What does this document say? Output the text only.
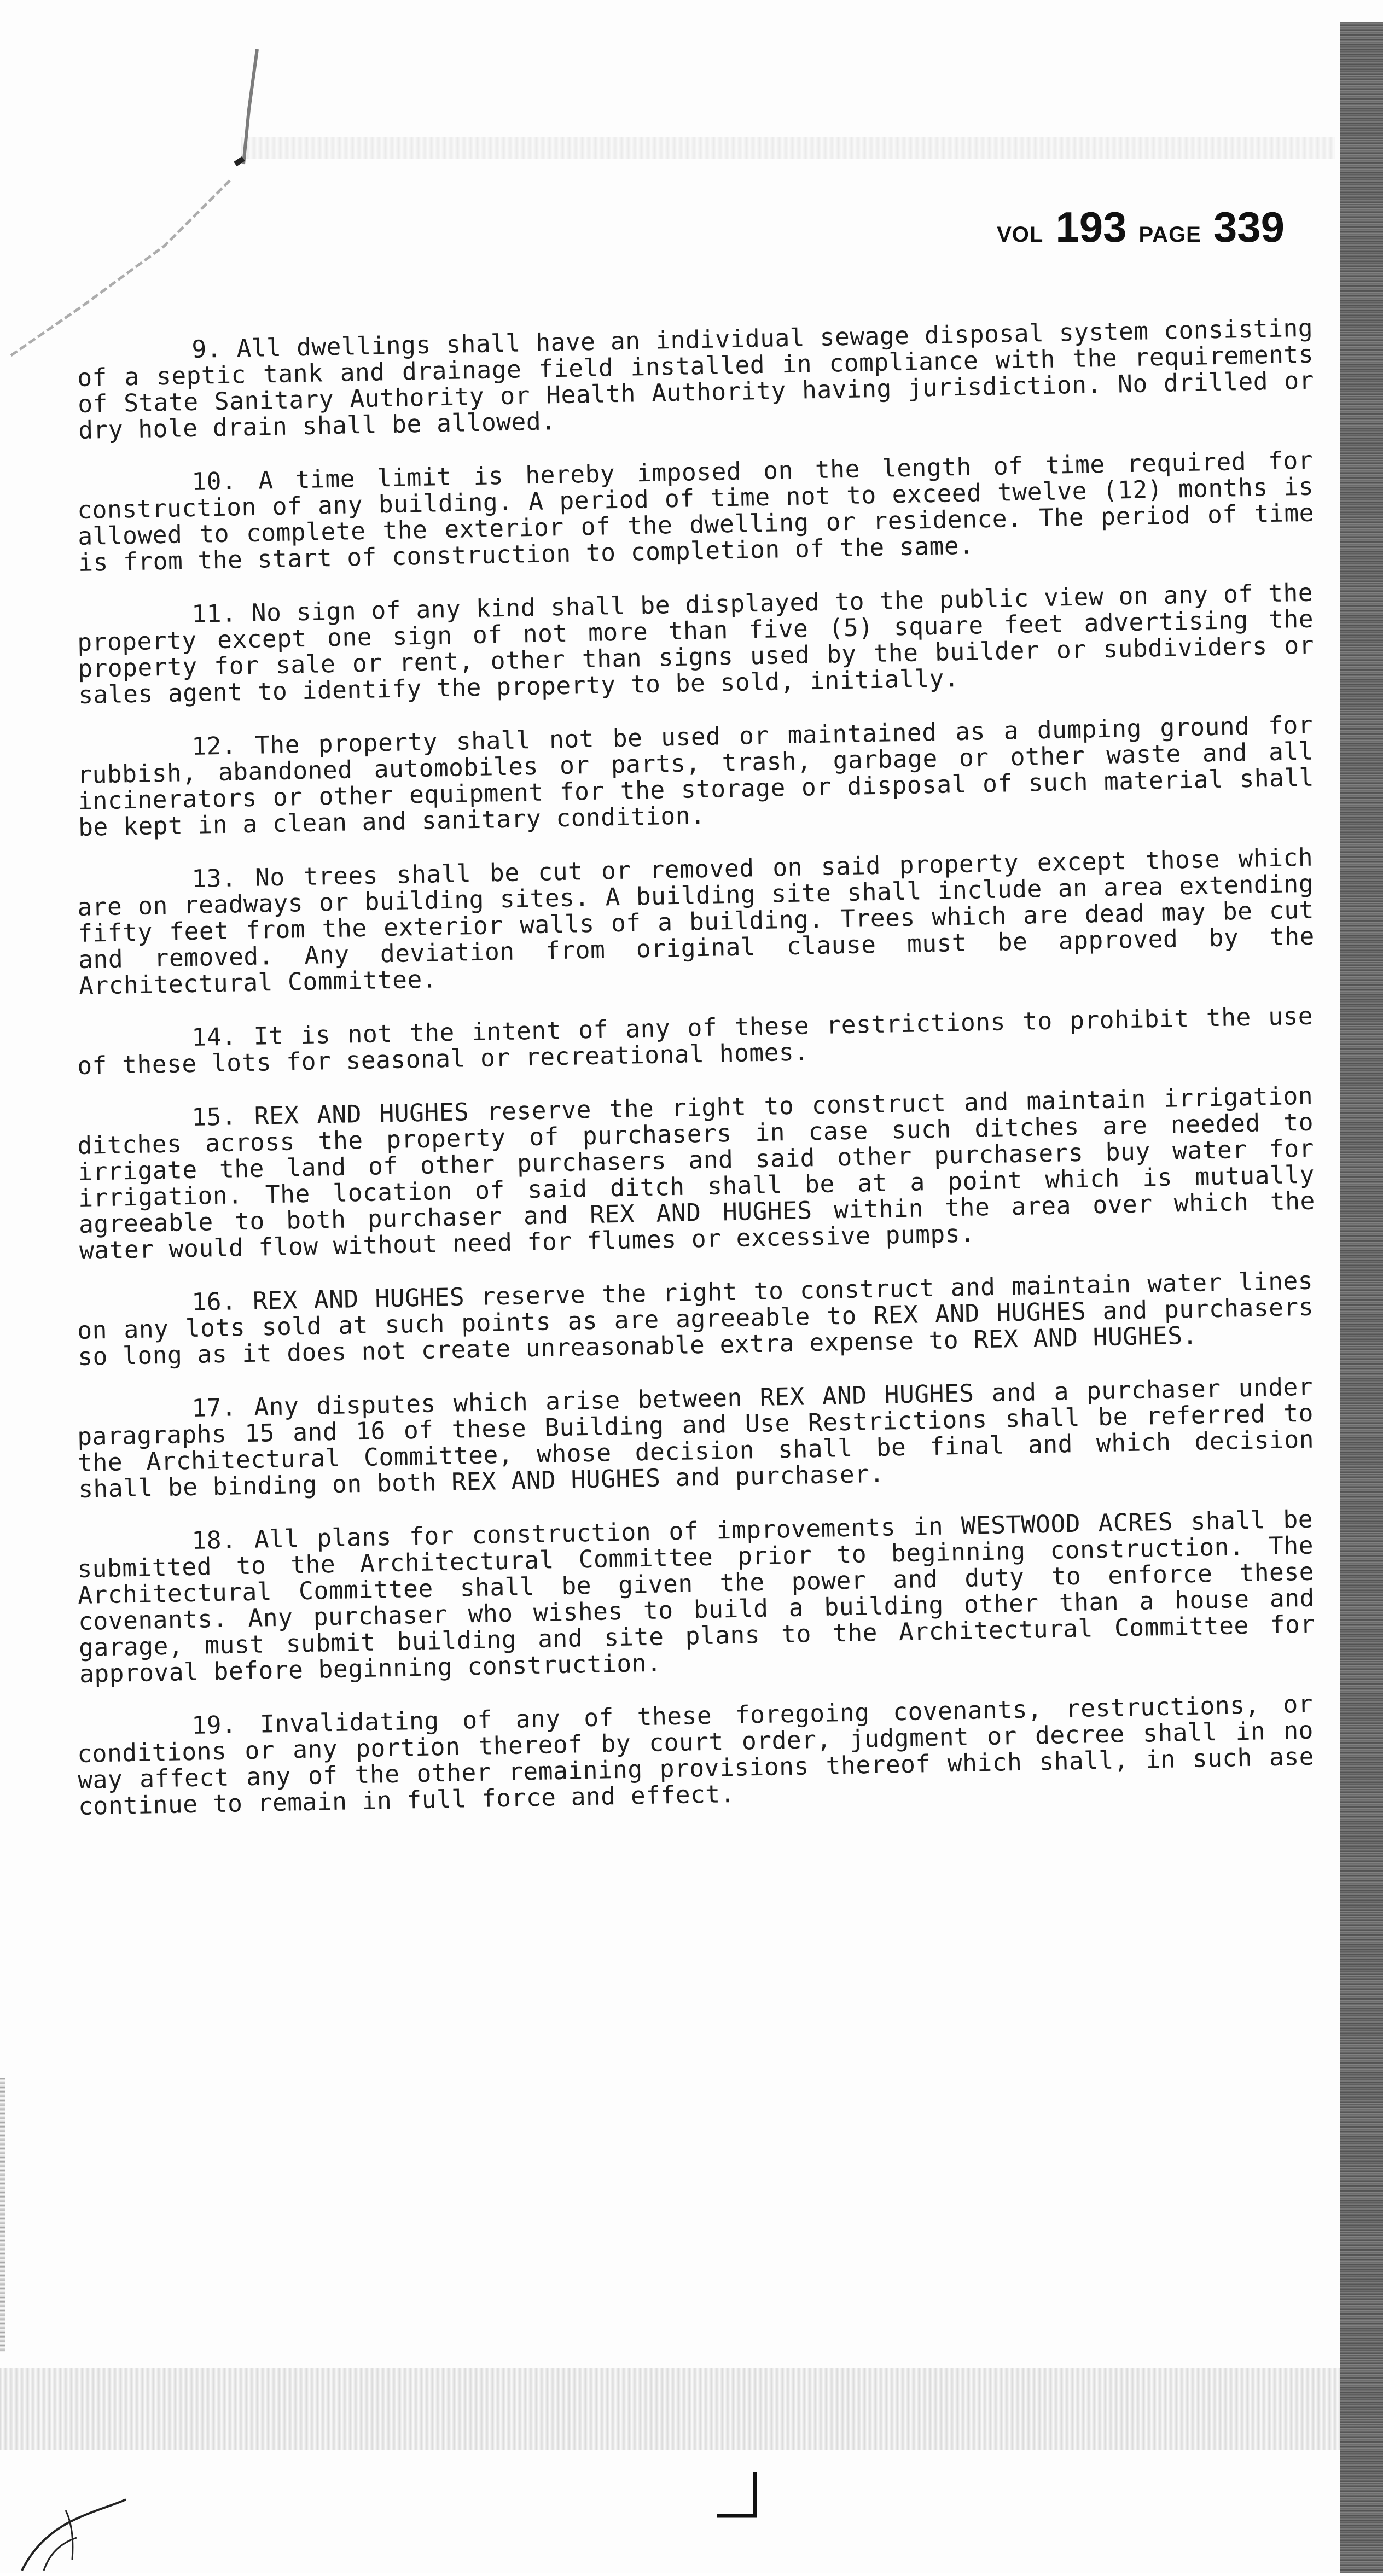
VOL 193 PAGE 339

9. All dwellings shall have an individual sewage disposal system consisting of a septic tank and drainage field installed in compliance with the requirements of State Sanitary Authority or Health Authority having jurisdiction. No drilled or dry hole drain shall be allowed.

10. A time limit is hereby imposed on the length of time required for construction of any building. A period of time not to exceed twelve (12) months is allowed to complete the exterior of the dwelling or residence. The period of time is from the start of construction to completion of the same.

11. No sign of any kind shall be displayed to the public view on any of the property except one sign of not more than five (5) square feet advertising the property for sale or rent, other than signs used by the builder or subdividers or sales agent to identify the property to be sold, initially.

12. The property shall not be used or maintained as a dumping ground for rubbish, abandoned automobiles or parts, trash, garbage or other waste and all incinerators or other equipment for the storage or disposal of such material shall be kept in a clean and sanitary condition.

13. No trees shall be cut or removed on said property except those which are on readways or building sites. A building site shall include an area extending fifty feet from the exterior walls of a building. Trees which are dead may be cut and removed. Any deviation from original clause must be approved by the Architectural Committee.

14. It is not the intent of any of these restrictions to prohibit the use of these lots for seasonal or recreational homes.

15. REX AND HUGHES reserve the right to construct and maintain irrigation ditches across the property of purchasers in case such ditches are needed to irrigate the land of other purchasers and said other purchasers buy water for irrigation. The location of said ditch shall be at a point which is mutually agreeable to both purchaser and REX AND HUGHES within the area over which the water would flow without need for flumes or excessive pumps.

16. REX AND HUGHES reserve the right to construct and maintain water lines on any lots sold at such points as are agreeable to REX AND HUGHES and purchasers so long as it does not create unreasonable extra expense to REX AND HUGHES.

17. Any disputes which arise between REX AND HUGHES and a purchaser under paragraphs 15 and 16 of these Building and Use Restrictions shall be referred to the Architectural Committee, whose decision shall be final and which decision shall be binding on both REX AND HUGHES and purchaser.

18. All plans for construction of improvements in WESTWOOD ACRES shall be submitted to the Architectural Committee prior to beginning construction. The Architectural Committee shall be given the power and duty to enforce these covenants. Any purchaser who wishes to build a building other than a house and garage, must submit building and site plans to the Architectural Committee for approval before beginning construction.

19. Invalidating of any of these foregoing covenants, restructions, or conditions or any portion thereof by court order, judgment or decree shall in no way affect any of the other remaining provisions thereof which shall, in such ase continue to remain in full force and effect.
